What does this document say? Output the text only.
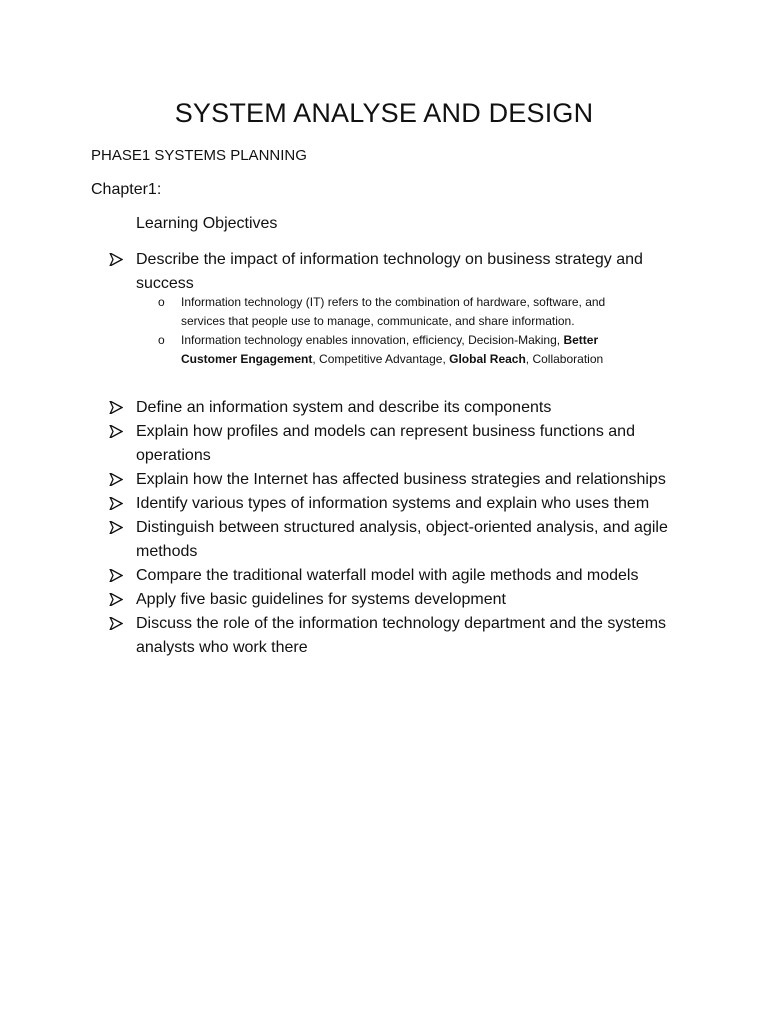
SYSTEM ANALYSE AND DESIGN

PHASE1 SYSTEMS PLANNING

Chapter1:

Learning Objectives

Describe the impact of information technology on business strategy and success
o Information technology (IT) refers to the combination of hardware, software, and services that people use to manage, communicate, and share information.
o Information technology enables innovation, efficiency, Decision-Making, Better Customer Engagement, Competitive Advantage, Global Reach, Collaboration
Define an information system and describe its components
Explain how profiles and models can represent business functions and operations
Explain how the Internet has affected business strategies and relationships
Identify various types of information systems and explain who uses them
Distinguish between structured analysis, object-oriented analysis, and agile methods
Compare the traditional waterfall model with agile methods and models
Apply five basic guidelines for systems development
Discuss the role of the information technology department and the systems analysts who work there
